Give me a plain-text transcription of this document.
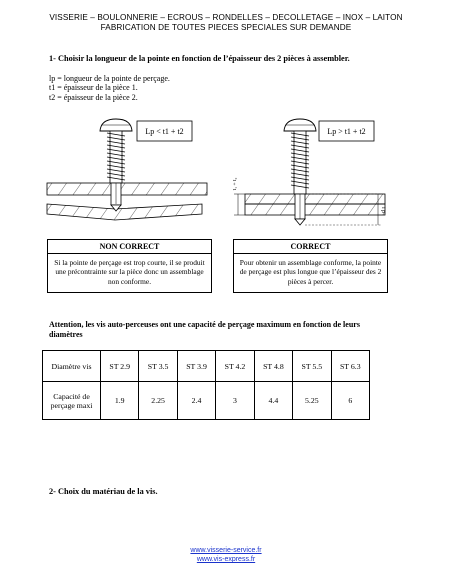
VISSERIE – BOULONNERIE – ECROUS – RONDELLES – DECOLLETAGE – INOX – LAITON
FABRICATION DE TOUTES PIECES SPECIALES SUR DEMANDE
1- Choisir la longueur de la pointe en fonction de l’épaisseur des 2 pièces à assembler.
lp = longueur de la pointe de perçage.
t1 = épaisseur de la pièce 1.
t2 = épaisseur de la pièce 2.
Lp < t1 + t2
t₁ + t₂
l p
Lp > t1 + t2
NON CORRECT
Si la pointe de perçage est trop courte, il se produit une précontrainte sur la pièce donc un assemblage non conforme.
CORRECT
Pour obtenir un assemblage conforme, la pointe de perçage est plus longue que l’épaisseur des 2 pièces à percer.
Attention, les vis auto-perceuses ont une capacité de perçage maximum en fonction de leurs diamètres
Diamètre vis	ST 2.9	ST 3.5	ST 3.9	ST 4.2	ST 4.8	ST 5.5	ST 6.3
Capacité de perçage maxi	1.9	2.25	2.4	3	4.4	5.25	6
2- Choix du matériau de la vis.
www.visserie-service.fr
www.vis-express.fr
